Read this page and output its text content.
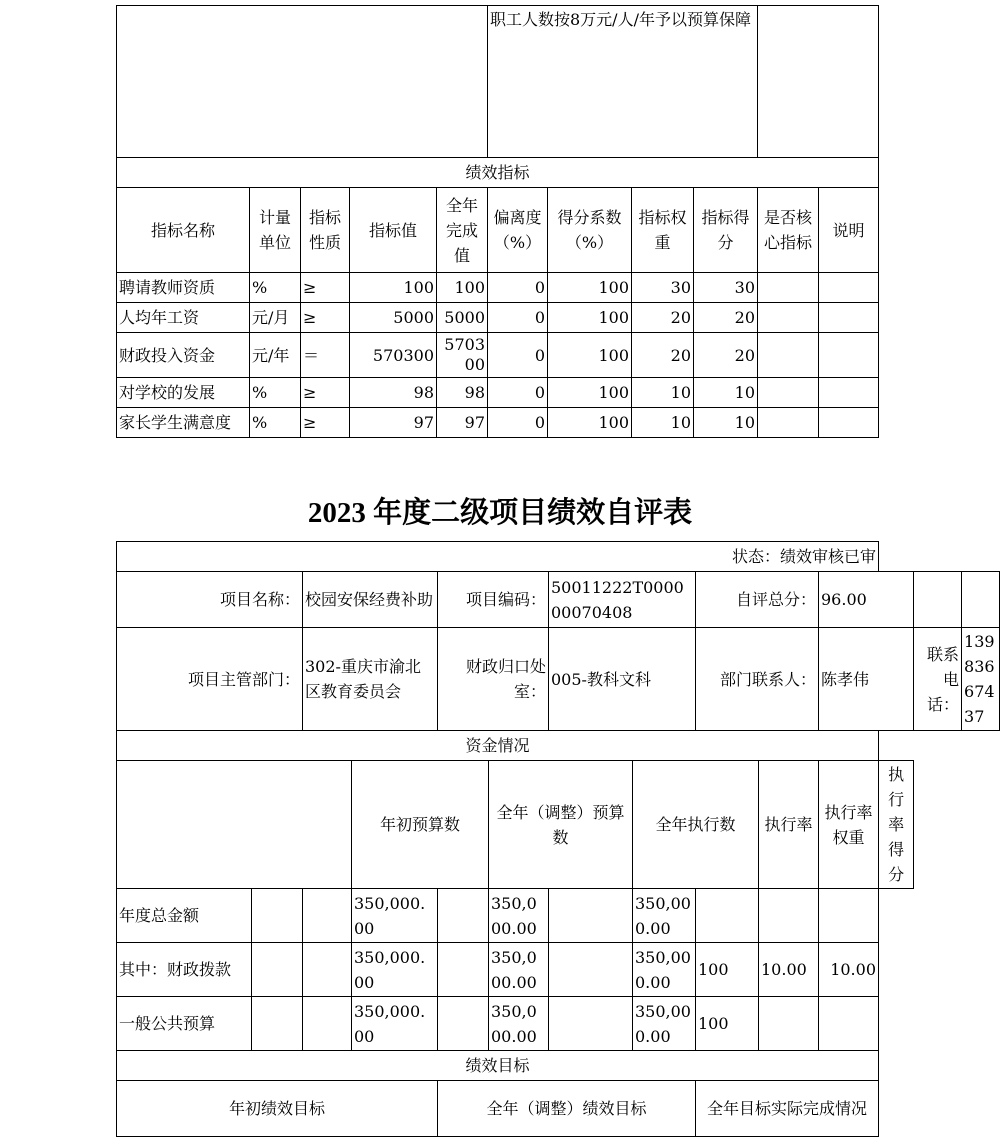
					职工人数按8万元/人/年予以预算保障					
绩效指标										
指标名称	计量单位	指标性质	指标值	全年完成值	偏离度（%）	得分系数（%）	指标权重	指标得分	是否核心指标	说明
聘请教师资质	%	≥	100	100	0	100	30	30		
人均年工资	元/月	≥	5000	5000	0	100	20	20		
财政投入资金	元/年	＝	570300	570300	0	100	20	20		
对学校的发展	%	≥	98	98	0	100	10	10		
家长学生满意度	%	≥	97	97	0	100	10	10		
2023 年度二级项目绩效自评表
状态：绩效审核已审													
项目名称：		校园安保经费补助		项目编码：		50011222T000000070408		自评总分：		96.00			
项目主管部门：		302-重庆市渝北区教育委员会		财政归口处室：		005-教科文科		部门联系人：		陈孝伟		联系电话：	13983667437
资金情况													
			年初预算数		全年（调整）预算数		全年执行数		执行率	执行率权重	执行率得分		
年度总金额			350,000.00		350,000.00		350,000.00						
其中：财政拨款			350,000.00		350,000.00		350,000.00	100	10.00	10.00			
一般公共预算			350,000.00		350,000.00		350,000.00	100					
绩效目标													
年初绩效目标				全年（调整）绩效目标				全年目标实际完成情况					
